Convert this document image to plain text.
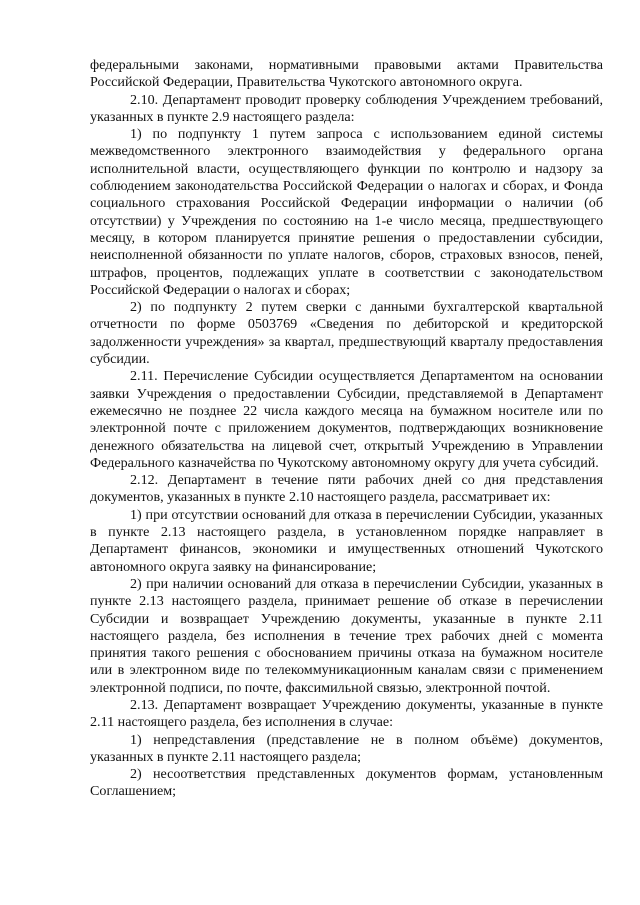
федеральными законами, нормативными правовыми актами Правительства Российской Федерации, Правительства Чукотского автономного округа.

2.10. Департамент проводит проверку соблюдения Учреждением требований, указанных в пункте 2.9 настоящего раздела:

1) по подпункту 1 путем запроса с использованием единой системы межведомственного электронного взаимодействия у федерального органа исполнительной власти, осуществляющего функции по контролю и надзору за соблюдением законодательства Российской Федерации о налогах и сборах, и Фонда социального страхования Российской Федерации информации о наличии (об отсутствии) у Учреждения по состоянию на 1-е число месяца, предшествующего месяцу, в котором планируется принятие решения о предоставлении субсидии, неисполненной обязанности по уплате налогов, сборов, страховых взносов, пеней, штрафов, процентов, подлежащих уплате в соответствии с законодательством Российской Федерации о налогах и сборах;

2) по подпункту 2 путем сверки с данными бухгалтерской квартальной отчетности по форме 0503769 «Сведения по дебиторской и кредиторской задолженности учреждения» за квартал, предшествующий кварталу предоставления субсидии.

2.11. Перечисление Субсидии осуществляется Департаментом на основании заявки Учреждения о предоставлении Субсидии, представляемой в Департамент ежемесячно не позднее 22 числа каждого месяца на бумажном носителе или по электронной почте с приложением документов, подтверждающих возникновение денежного обязательства на лицевой счет, открытый Учреждению в Управлении Федерального казначейства по Чукотскому автономному округу для учета субсидий.

2.12. Департамент в течение пяти рабочих дней со дня представления документов, указанных в пункте 2.10 настоящего раздела, рассматривает их:

1) при отсутствии оснований для отказа в перечислении Субсидии, указанных в пункте 2.13 настоящего раздела, в установленном порядке направляет в Департамент финансов, экономики и имущественных отношений Чукотского автономного округа заявку на финансирование;

2) при наличии оснований для отказа в перечислении Субсидии, указанных в пункте 2.13 настоящего раздела, принимает решение об отказе в перечислении Субсидии и возвращает Учреждению документы, указанные в пункте 2.11 настоящего раздела, без исполнения в течение трех рабочих дней с момента принятия такого решения с обоснованием причины отказа на бумажном носителе или в электронном виде по телекоммуникационным каналам связи с применением электронной подписи, по почте, факсимильной связью, электронной почтой.

2.13. Департамент возвращает Учреждению документы, указанные в пункте 2.11 настоящего раздела, без исполнения в случае:

1) непредставления (представление не в полном объёме) документов, указанных в пункте 2.11 настоящего раздела;

2) несоответствия представленных документов формам, установленным Соглашением;
